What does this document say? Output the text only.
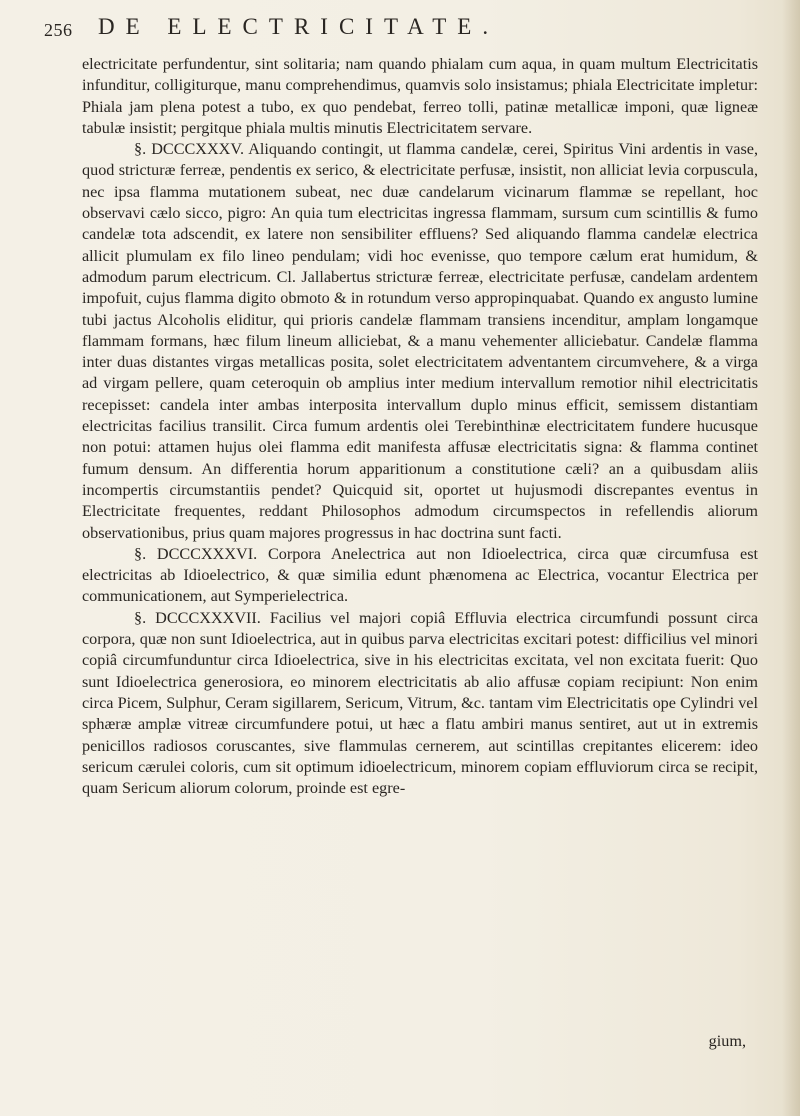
256 DE ELECTRICITATE.

electricitate perfundentur, sint solitaria; nam quando phialam cum aqua, in quam multum Electricitatis infunditur, colligiturque, manu comprehendimus, quamvis solo insistamus; phiala Electricitate impletur: Phiala jam plena potest a tubo, ex quo pendebat, ferreo tolli, patinæ metallicæ imponi, quæ ligneæ tabulæ insistit; pergitque phiala multis minutis Electricitatem servare.

§. DCCCXXXV. Aliquando contingit, ut flamma candelæ, cerei, Spiritus Vini ardentis in vase, quod stricturæ ferreæ, pendentis ex serico, & electricitate perfusæ, insistit, non alliciat levia corpuscula, nec ipsa flamma mutationem subeat, nec duæ candelarum vicinarum flammæ se repellant, hoc observavi cælo sicco, pigro: An quia tum electricitas ingressa flammam, sursum cum scintillis & fumo candelæ tota adscendit, ex latere non sensibiliter effluens? Sed aliquando flamma candelæ electrica allicit plumulam ex filo lineo pendulam; vidi hoc evenisse, quo tempore cælum erat humidum, & admodum parum electricum. Cl. Jallabertus stricturæ ferreæ, electricitate perfusæ, candelam ardentem impofuit, cujus flamma digito obmoto & in rotundum verso appropinquabat. Quando ex angusto lumine tubi jactus Alcoholis eliditur, qui prioris candelæ flammam transiens incenditur, amplam longamque flammam formans, hæc filum lineum alliciebat, & a manu vehementer alliciebatur. Candelæ flamma inter duas distantes virgas metallicas posita, solet electricitatem adventantem circumvehere, & a virga ad virgam pellere, quam ceteroquin ob amplius inter medium intervallum remotior nihil electricitatis recepisset: candela inter ambas interposita intervallum duplo minus efficit, semissem distantiam electricitas facilius transilit. Circa fumum ardentis olei Terebinthinæ electricitatem fundere hucusque non potui: attamen hujus olei flamma edit manifesta affusæ electricitatis signa: & flamma continet fumum densum. An differentia horum apparitionum a constitutione cæli? an a quibusdam aliis incompertis circumstantiis pendet? Quicquid sit, oportet ut hujusmodi discrepantes eventus in Electricitate frequentes, reddant Philosophos admodum circumspectos in refellendis aliorum observationibus, prius quam majores progressus in hac doctrina sunt facti.

§. DCCCXXXVI. Corpora Anelectrica aut non Idioelectrica, circa quæ circumfusa est electricitas ab Idioelectrico, & quæ similia edunt phænomena ac Electrica, vocantur Electrica per communicationem, aut Symperielectrica.

§. DCCCXXXVII. Facilius vel majori copiâ Effluvia electrica circumfundi possunt circa corpora, quæ non sunt Idioelectrica, aut in quibus parva electricitas excitari potest: difficilius vel minori copiâ circumfunduntur circa Idioelectrica, sive in his electricitas excitata, vel non excitata fuerit: Quo sunt Idioelectrica generosiora, eo minorem electricitatis ab alio affusæ copiam recipiunt: Non enim circa Picem, Sulphur, Ceram sigillarem, Sericum, Vitrum, &c. tantam vim Electricitatis ope Cylindri vel sphæræ amplæ vitreæ circumfundere potui, ut hæc a flatu ambiri manus sentiret, aut ut in extremis penicillos radiosos coruscantes, sive flammulas cernerem, aut scintillas crepitantes elicerem: ideo sericum cærulei coloris, cum sit optimum idioelectricum, minorem copiam effluviorum circa se recipit, quam Sericum aliorum colorum, proinde est egre-

gium,
